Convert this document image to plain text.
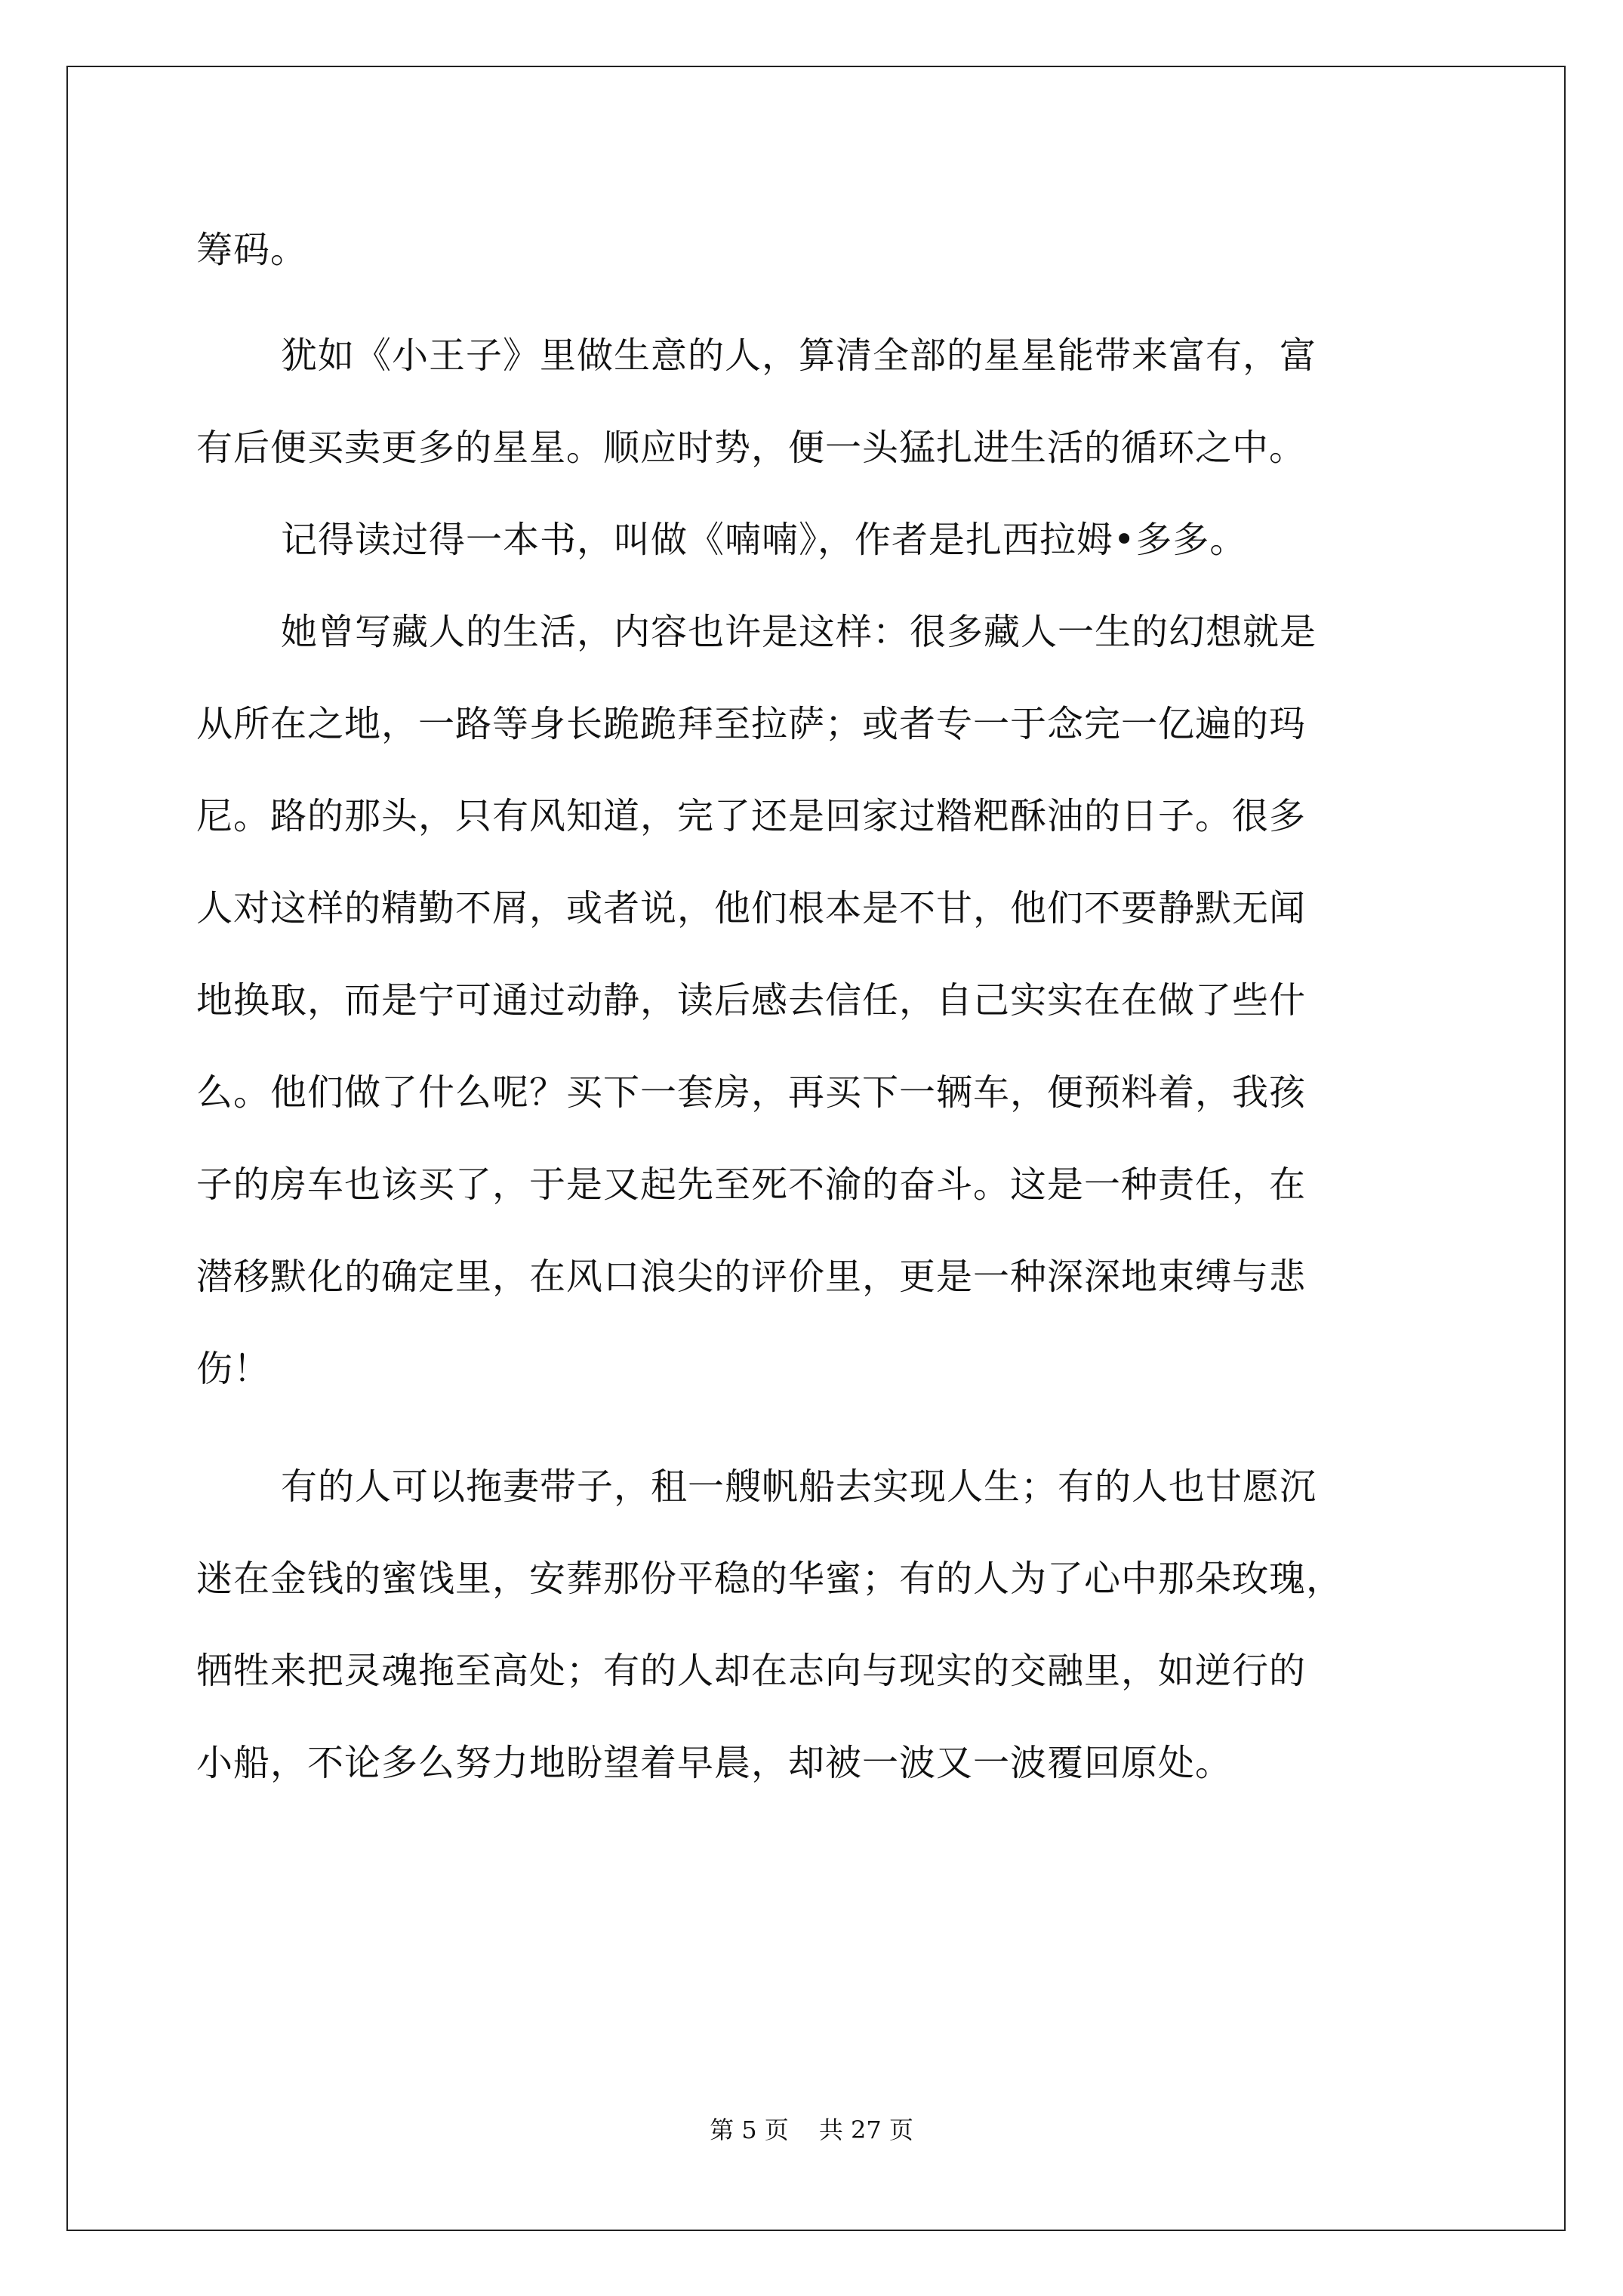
筹码。
犹如《小王子》里做生意的人，算清全部的星星能带来富有，富
有后便买卖更多的星星。顺应时势，便一头猛扎进生活的循环之中。
记得读过得一本书，叫做《喃喃》，作者是扎西拉姆•多多。
她曾写藏人的生活，内容也许是这样：很多藏人一生的幻想就是
从所在之地，一路等身长跪跪拜至拉萨；或者专一于念完一亿遍的玛
尼。路的那头，只有风知道，完了还是回家过糌粑酥油的日子。很多
人对这样的精勤不屑，或者说，他们根本是不甘，他们不要静默无闻
地换取，而是宁可通过动静，读后感去信任，自己实实在在做了些什
么。他们做了什么呢？买下一套房，再买下一辆车，便预料着，我孩
子的房车也该买了，于是又起先至死不渝的奋斗。这是一种责任，在
潜移默化的确定里，在风口浪尖的评价里，更是一种深深地束缚与悲
伤！
有的人可以拖妻带子，租一艘帆船去实现人生；有的人也甘愿沉
迷在金钱的蜜饯里，安葬那份平稳的华蜜；有的人为了心中那朵玫瑰，
牺牲来把灵魂拖至高处；有的人却在志向与现实的交融里，如逆行的
小船，不论多么努力地盼望着早晨，却被一波又一波覆回原处。
第 5 页 共 27 页
